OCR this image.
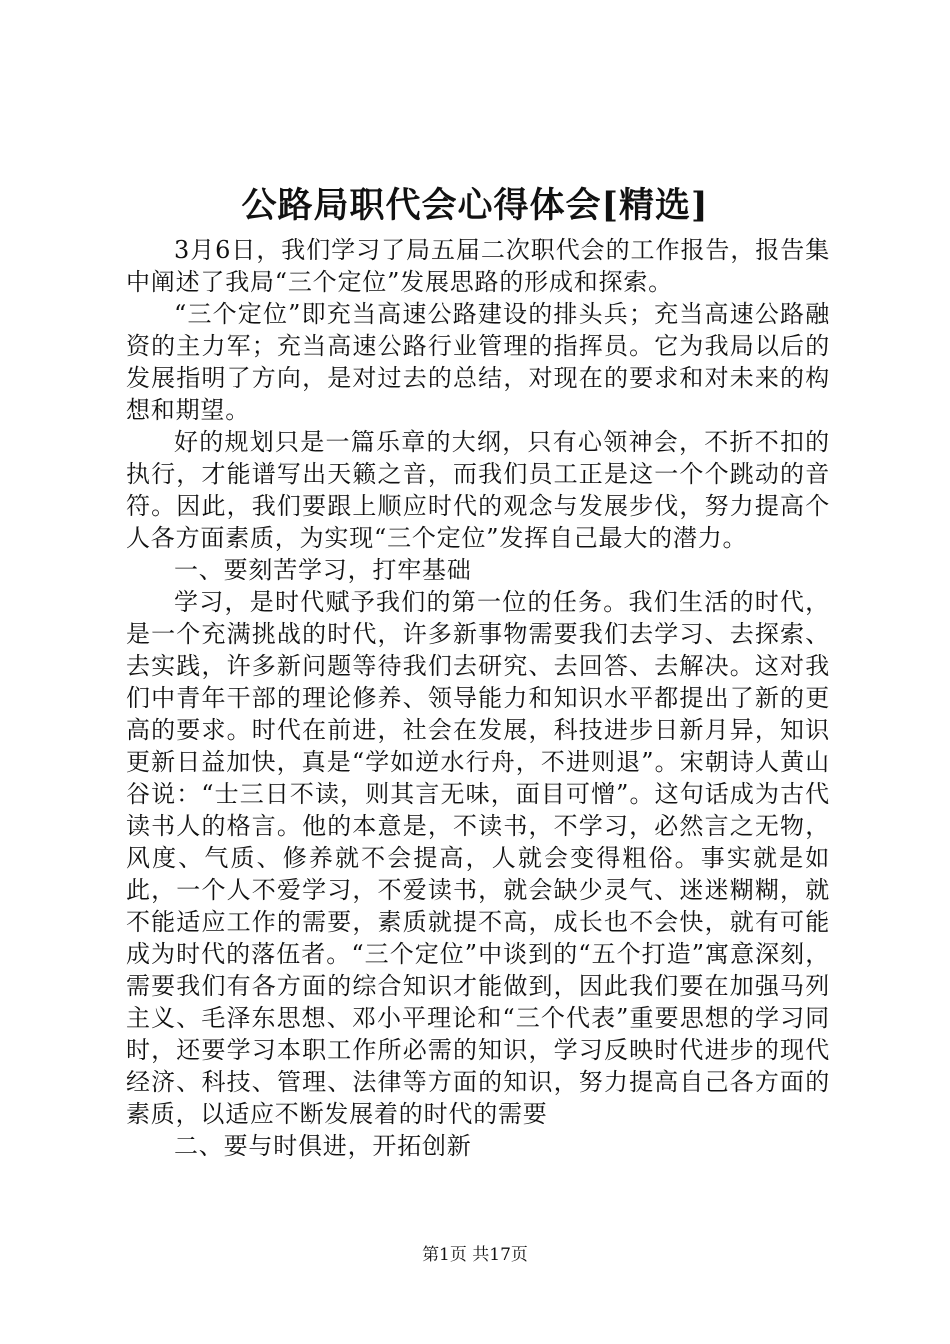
公路局职代会心得体会[精选]

3月6日，我们学习了局五届二次职代会的工作报告，报告集中阐述了我局“三个定位”发展思路的形成和探索。

“三个定位”即充当高速公路建设的排头兵；充当高速公路融资的主力军；充当高速公路行业管理的指挥员。它为我局以后的发展指明了方向，是对过去的总结，对现在的要求和对未来的构想和期望。

好的规划只是一篇乐章的大纲，只有心领神会，不折不扣的执行，才能谱写出天籁之音，而我们员工正是这一个个跳动的音符。因此，我们要跟上顺应时代的观念与发展步伐，努力提高个人各方面素质，为实现“三个定位”发挥自己最大的潜力。

一、要刻苦学习，打牢基础

学习，是时代赋予我们的第一位的任务。我们生活的时代，是一个充满挑战的时代，许多新事物需要我们去学习、去探索、去实践，许多新问题等待我们去研究、去回答、去解决。这对我们中青年干部的理论修养、领导能力和知识水平都提出了新的更高的要求。时代在前进，社会在发展，科技进步日新月异，知识更新日益加快，真是“学如逆水行舟，不进则退”。宋朝诗人黄山谷说：“士三日不读，则其言无味，面目可憎”。这句话成为古代读书人的格言。他的本意是，不读书，不学习，必然言之无物，风度、气质、修养就不会提高，人就会变得粗俗。事实就是如此，一个人不爱学习，不爱读书，就会缺少灵气、迷迷糊糊，就不能适应工作的需要，素质就提不高，成长也不会快，就有可能成为时代的落伍者。“三个定位”中谈到的“五个打造”寓意深刻，需要我们有各方面的综合知识才能做到，因此我们要在加强马列主义、毛泽东思想、邓小平理论和“三个代表”重要思想的学习同时，还要学习本职工作所必需的知识，学习反映时代进步的现代经济、科技、管理、法律等方面的知识，努力提高自己各方面的素质，以适应不断发展着的时代的需要

二、要与时俱进，开拓创新

第1页 共17页
